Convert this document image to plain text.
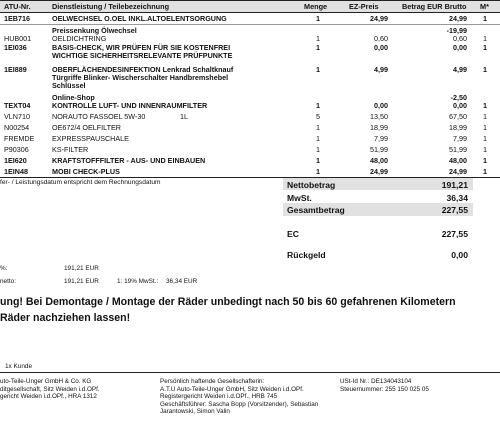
ATU-Nr.	Dienstleistung / Teilebezeichnung	Menge	EZ-Preis	Betrag EUR Brutto M*
1EB716	OELWECHSEL O.OEL INKL.ALTOELENTSORGUNG	1	24,99	24,99 1
Preissenkung Ölwechsel	-19,99
HUB001	OELDICHTRING	1	0,60	0,60 1
1EI036	BASIS-CHECK, WIR PRÜFEN FÜR SIE KOSTENFREI
WICHTIGE SICHERHEITSRELEVANTE PRÜFPUNKTE
1	0,00	0,00 1
1EI889	OBERFLÄCHENDESINFEKTION Lenkrad Schaltknauf
Türgriffe Blinker- Wischerschalter Handbremshebel
Schlüssel
1	4,99	4,99 1
Online-Shop	-2,50
TEXT04	KONTROLLE LUFT- UND INNENRAUMFILTER	1	0,00	0,00 1
VLN710	NORAUTO FASSOEL 5W-30	1L	5	13,50	67,50 1
N00254	OE672/4 OELFILTER	1	18,99	18,99 1
FREMDE EXPRESSPAUSCHALE	1	7,99	7,99 1
P90306	KS-FILTER	1	51,99	51,99 1
1EI620	KRAFTSTOFFFILTER - AUS- UND EINBAUEN	1	48,00	48,00 1
1EIN48	MOBI CHECK-PLUS	1	24,99	24,99 1
fer- / Leistungsdatum entspricht dem Rechnungsdatum	Nettobetrag	191,21
MwSt.	36,34
Gesamtbetrag	227,55
EC	227,55
Rückgeld	0,00
%:	191,21 EUR
netto:	191,21 EUR	1: 19% MwSt.: 36,34 EUR
ung! Bei Demontage / Montage der Räder unbedingt nach 50 bis 60 gefahrenen Kilometern
Räder nachziehen lassen!
1x Kunde
uto-Teile-Unger GmbH & Co. KG
ditgesellschaft, Sitz Weiden i.d.OPf.
gericht Weiden i.d.OPf., HRA 1312
Persönlich haftende Gesellschafterin:
A.T.U Auto-Teile-Unger GmbH, Sitz Weiden i.d.OPf.
Registergericht Weiden i.d.OPf., HRB 745
Geschäftsführer: Sascha Bopp (Vorsitzender), Sebastian
Jarantowski, Simon Valin
USt-Id Nr.: DE134043104
Steuernummer: 255 150 025 05
